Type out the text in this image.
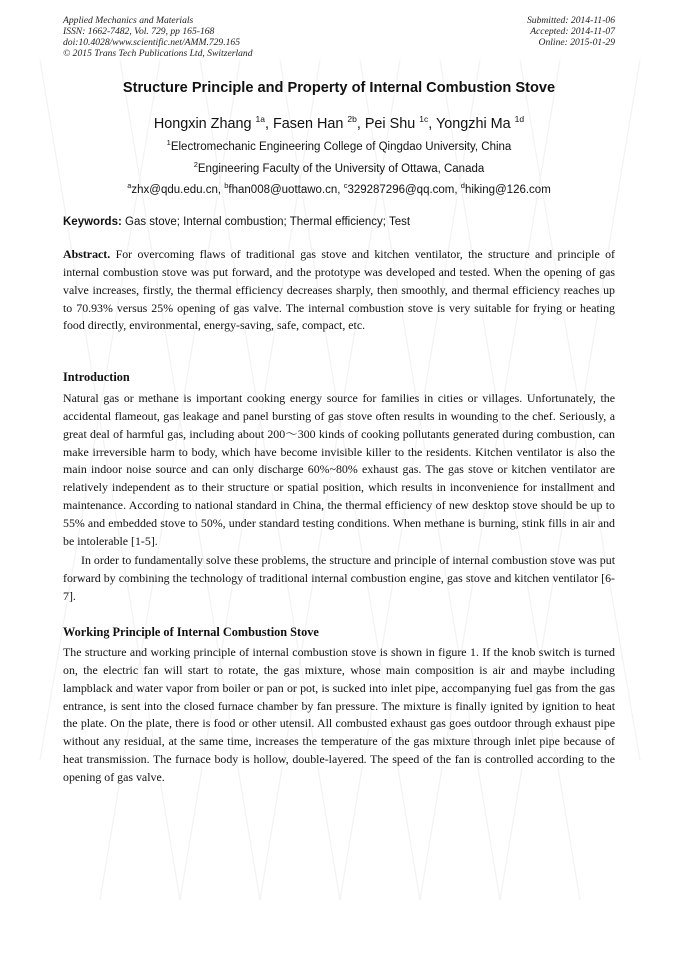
Applied Mechanics and Materials
ISSN: 1662-7482, Vol. 729, pp 165-168
doi:10.4028/www.scientific.net/AMM.729.165
© 2015 Trans Tech Publications Ltd, Switzerland
Submitted: 2014-11-06
Accepted: 2014-11-07
Online: 2015-01-29
Structure Principle and Property of Internal Combustion Stove
Hongxin Zhang $^{1a}$, Fasen Han $^{2b}$, Pei Shu $^{1c}$, Yongzhi Ma $^{1d}$
$^1$Electromechanic Engineering College of Qingdao University, China
$^2$Engineering Faculty of the University of Ottawa, Canada
$^a$zhx@qdu.edu.cn, $^b$fhan008@uottawo.cn, $^c$329287296@qq.com, $^d$hiking@126.com
Keywords: Gas stove; Internal combustion; Thermal efficiency; Test
Abstract. For overcoming flaws of traditional gas stove and kitchen ventilator, the structure and principle of internal combustion stove was put forward, and the prototype was developed and tested. When the opening of gas valve increases, firstly, the thermal efficiency decreases sharply, then smoothly, and thermal efficiency reaches up to 70.93% versus 25% opening of gas valve. The internal combustion stove is very suitable for frying or heating food directly, environmental, energy-saving, safe, compact, etc.
Introduction
Natural gas or methane is important cooking energy source for families in cities or villages. Unfortunately, the accidental flameout, gas leakage and panel bursting of gas stove often results in wounding to the chef. Seriously, a great deal of harmful gas, including about 200～300 kinds of cooking pollutants generated during combustion, can make irreversible harm to body, which have become invisible killer to the residents. Kitchen ventilator is also the main indoor noise source and can only discharge 60%~80% exhaust gas. The gas stove or kitchen ventilator are relatively independent as to their structure or spatial position, which results in inconvenience for installment and maintenance. According to national standard in China, the thermal efficiency of new desktop stove should be up to 55% and embedded stove to 50%, under standard testing conditions. When methane is burning, stink fills in air and be intolerable [1-5].
In order to fundamentally solve these problems, the structure and principle of internal combustion stove was put forward by combining the technology of traditional internal combustion engine, gas stove and kitchen ventilator [6-7].
Working Principle of Internal Combustion Stove
The structure and working principle of internal combustion stove is shown in figure 1. If the knob switch is turned on, the electric fan will start to rotate, the gas mixture, whose main composition is air and maybe including lampblack and water vapor from boiler or pan or pot, is sucked into inlet pipe, accompanying fuel gas from the gas entrance, is sent into the closed furnace chamber by fan pressure. The mixture is finally ignited by ignition to heat the plate. On the plate, there is food or other utensil. All combusted exhaust gas goes outdoor through exhaust pipe without any residual, at the same time, increases the temperature of the gas mixture through inlet pipe because of heat transmission. The furnace body is hollow, double-layered. The speed of the fan is controlled according to the opening of gas valve.
